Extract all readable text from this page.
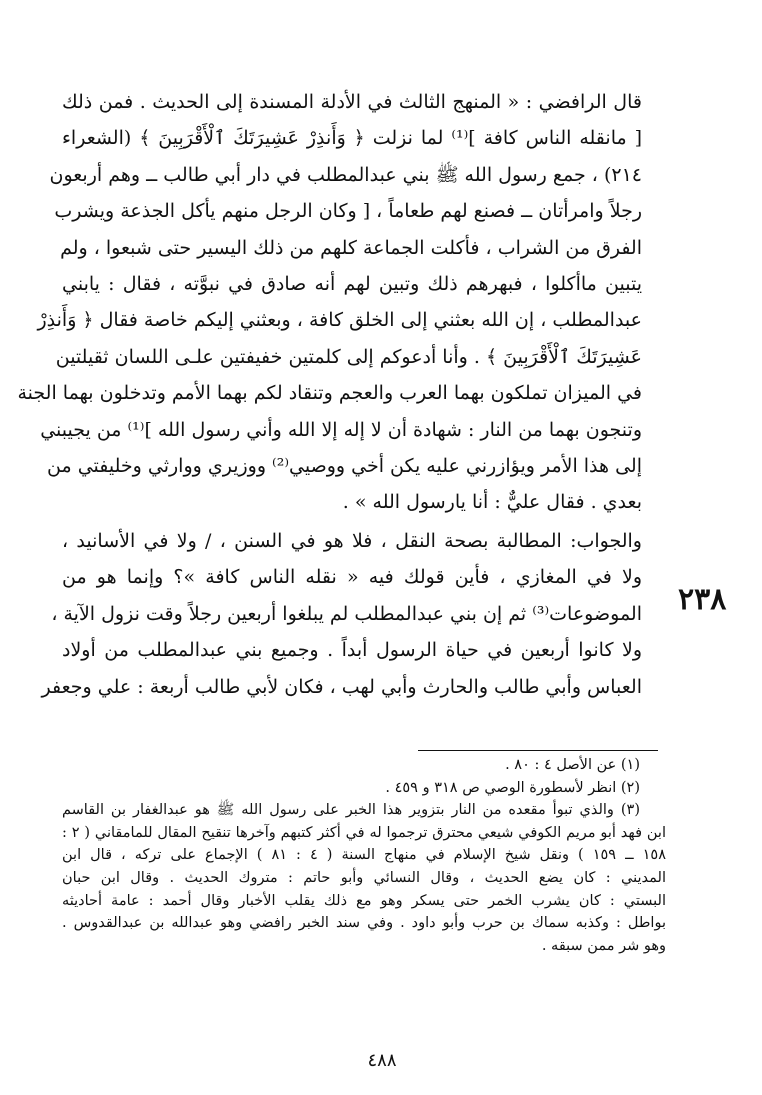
٢٣٨

قال الرافضي : « المنهج الثالث في الأدلة المسندة إلى الحديث . فمن ذلك
[ مانقله الناس كافة ]⁽¹⁾ لما نزلت ﴿ وَأَنذِرْ عَشِيرَتَكَ ٱلْأَقْرَبِينَ ﴾ (الشعراء
٢١٤) ، جمع رسول الله ﷺ بني عبدالمطلب في دار أبي طالب ــ وهم أربعون
رجلاً وامرأتان ــ فصنع لهم طعاماً ، [ وكان الرجل منهم يأكل الجذعة ويشرب
الفرق من الشراب ، فأكلت الجماعة كلهم من ذلك اليسير حتى شبعوا ، ولم
يتبين ماأكلوا ، فبهرهم ذلك وتبين لهم أنه صادق في نبوَّته ، فقال : يابني
عبدالمطلب ، إن الله بعثني إلى الخلق كافة ، وبعثني إليكم خاصة فقال ﴿ وَأَنذِرْ
عَشِيرَتَكَ ٱلْأَقْرَبِينَ ﴾ . وأنا أدعوكم إلى كلمتين خفيفتين علـى اللسان ثقيلتين
في الميزان تملكون بهما العرب والعجم وتنقاد لكم بهما الأمم وتدخلون بهما الجنة
وتنجون بهما من النار : شهادة أن لا إله إلا الله وأني رسول الله ]⁽¹⁾ من يجيبني
إلى هذا الأمر ويؤازرني عليه يكن أخي ووصيي⁽²⁾ ووزيري ووارثي وخليفتي من
بعدي . فقال عليٌّ : أنا يارسول الله » .

والجواب: المطالبة بصحة النقل ، فلا هو في السنن ، / ولا في الأسانيد ،
ولا في المغازي ، فأين قولك فيه « نقله الناس كافة »؟ وإنما هو من
الموضوعات⁽³⁾ ثم إن بني عبدالمطلب لم يبلغوا أربعين رجلاً وقت نزول الآية ،
ولا كانوا أربعين في حياة الرسول أبداً . وجميع بني عبدالمطلب من أولاد
العباس وأبي طالب والحارث وأبي لهب ، فكان لأبي طالب أربعة : علي وجعفر

(١) عن الأصل ٤ : ٨٠ .
(٢) انظر لأسطورة الوصي ص ٣١٨ و ٤٥٩ .
(٣) والذي تبوأ مقعده من النار بتزوير هذا الخبر على رسول الله ﷺ هو عبدالغفار بن القاسم
ابن فهد أبو مريم الكوفي شيعي محترق ترجموا له في أكثر كتبهم وآخرها تنقيح المقال للمامقاني ( ٢ :
١٥٨ ــ ١٥٩ ) ونقل شيخ الإسلام في منهاج السنة ( ٤ : ٨١ ) الإجماع على تركه ، قال ابن
المديني : كان يضع الحديث ، وقال النسائي وأبو حاتم : متروك الحديث . وقال ابن حبان
البستي : كان يشرب الخمر حتى يسكر وهو مع ذلك يقلب الأخبار وقال أحمد : عامة أحاديثه
بواطل : وكذبه سماك بن حرب وأبو داود . وفي سند الخبر رافضي وهو عبدالله بن عبدالقدوس .
وهو شر ممن سبقه .
٤٨٨
